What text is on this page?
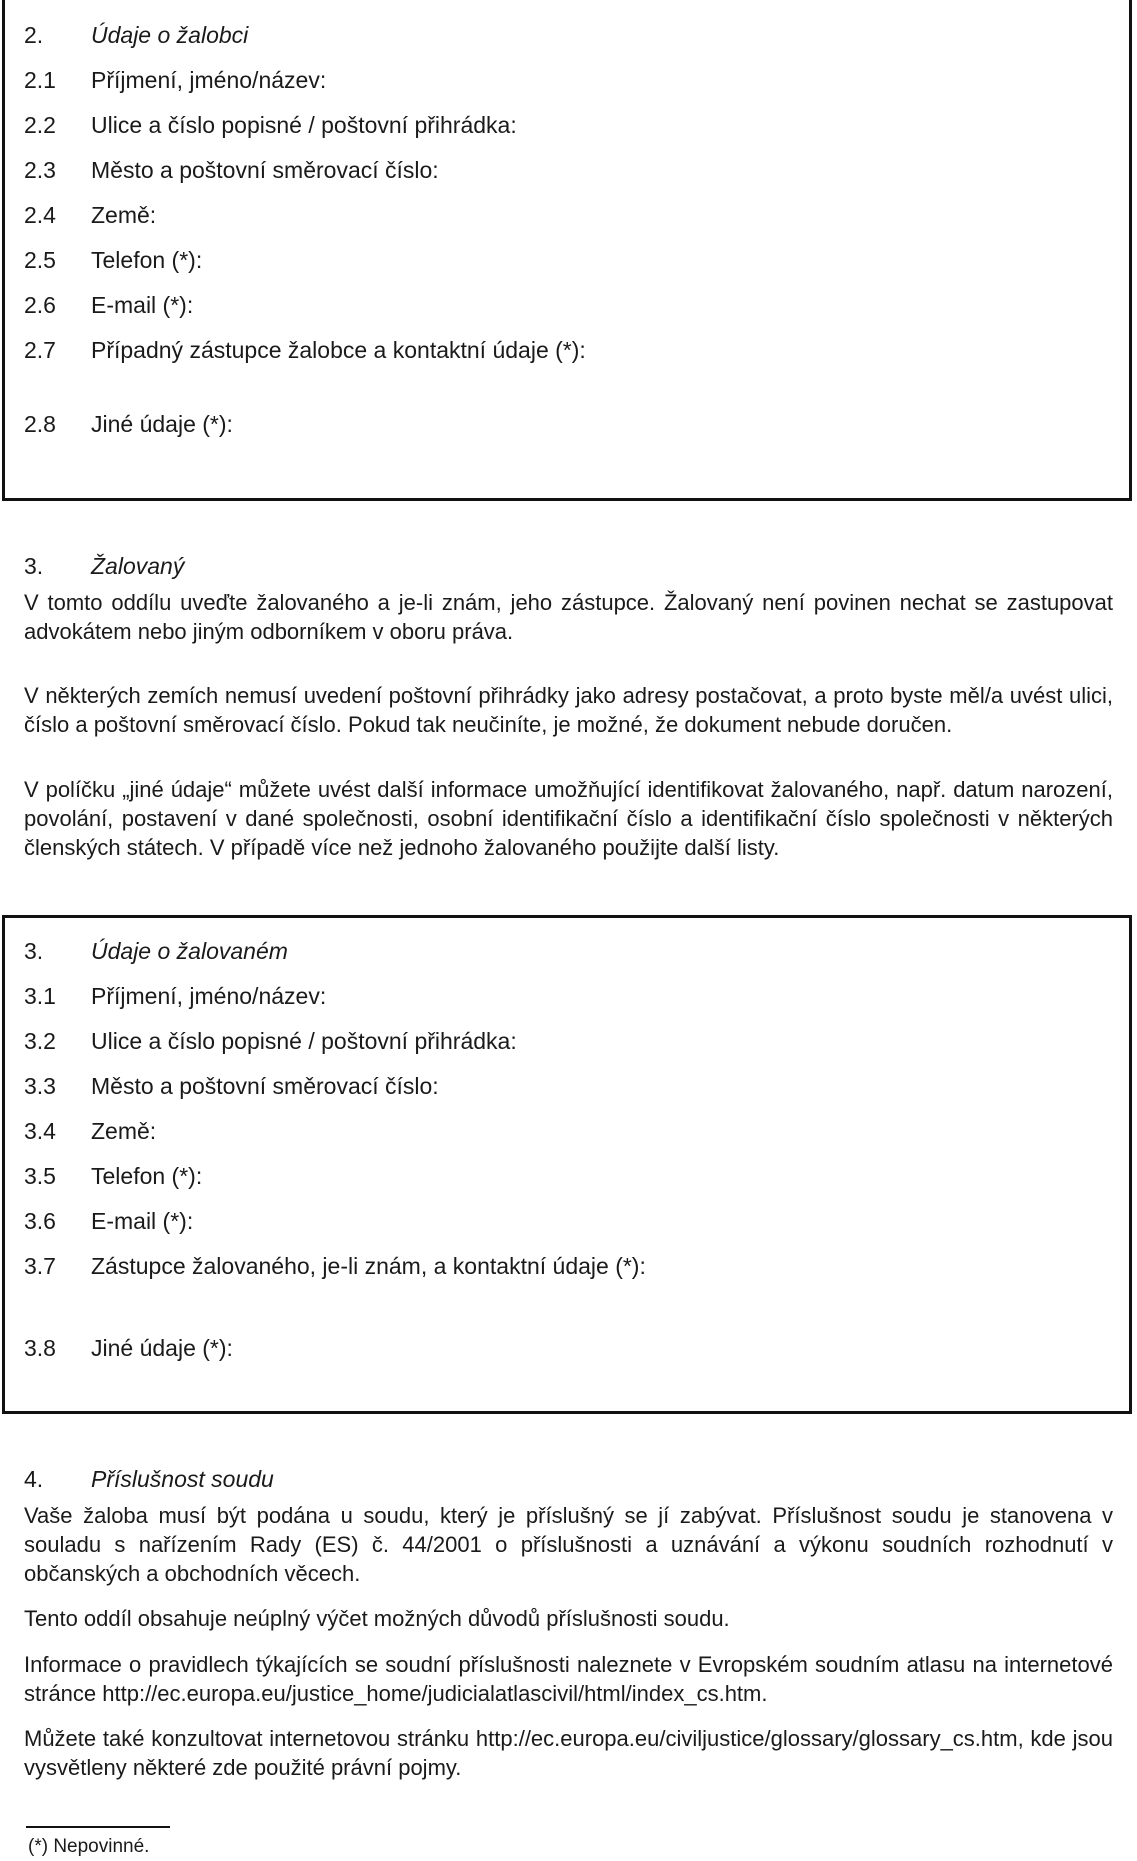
2. Údaje o žalobci
2.1 Příjmení, jméno/název:
2.2 Ulice a číslo popisné / poštovní přihrádka:
2.3 Město a poštovní směrovací číslo:
2.4 Země:
2.5 Telefon (*):
2.6 E-mail (*):
2.7 Případný zástupce žalobce a kontaktní údaje (*):
2.8 Jiné údaje (*):
3. Žalovaný
V tomto oddílu uveďte žalovaného a je-li znám, jeho zástupce. Žalovaný není povinen nechat se zastupovat advokátem nebo jiným odborníkem v oboru práva.
V některých zemích nemusí uvedení poštovní přihrádky jako adresy postačovat, a proto byste měl/a uvést ulici, číslo a poštovní směrovací číslo. Pokud tak neučiníte, je možné, že dokument nebude doručen.
V políčku „jiné údaje“ můžete uvést další informace umožňující identifikovat žalovaného, např. datum narození, povolání, postavení v dané společnosti, osobní identifikační číslo a identifikační číslo společnosti v některých členských státech. V případě více než jednoho žalovaného použijte další listy.
3. Údaje o žalovaném
3.1 Příjmení, jméno/název:
3.2 Ulice a číslo popisné / poštovní přihrádka:
3.3 Město a poštovní směrovací číslo:
3.4 Země:
3.5 Telefon (*):
3.6 E-mail (*):
3.7 Zástupce žalovaného, je-li znám, a kontaktní údaje (*):
3.8 Jiné údaje (*):
4. Příslušnost soudu
Vaše žaloba musí být podána u soudu, který je příslušný se jí zabývat. Příslušnost soudu je stanovena v souladu s nařízením Rady (ES) č. 44/2001 o příslušnosti a uznávání a výkonu soudních rozhodnutí v občanských a obchodních věcech.
Tento oddíl obsahuje neúplný výčet možných důvodů příslušnosti soudu.
Informace o pravidlech týkajících se soudní příslušnosti naleznete v Evropském soudním atlasu na internetové stránce http://ec.europa.eu/justice_home/judicialatlascivil/html/index_cs.htm.
Můžete také konzultovat internetovou stránku http://ec.europa.eu/civiljustice/glossary/glossary_cs.htm, kde jsou vysvětleny některé zde použité právní pojmy.
(*) Nepovinné.
